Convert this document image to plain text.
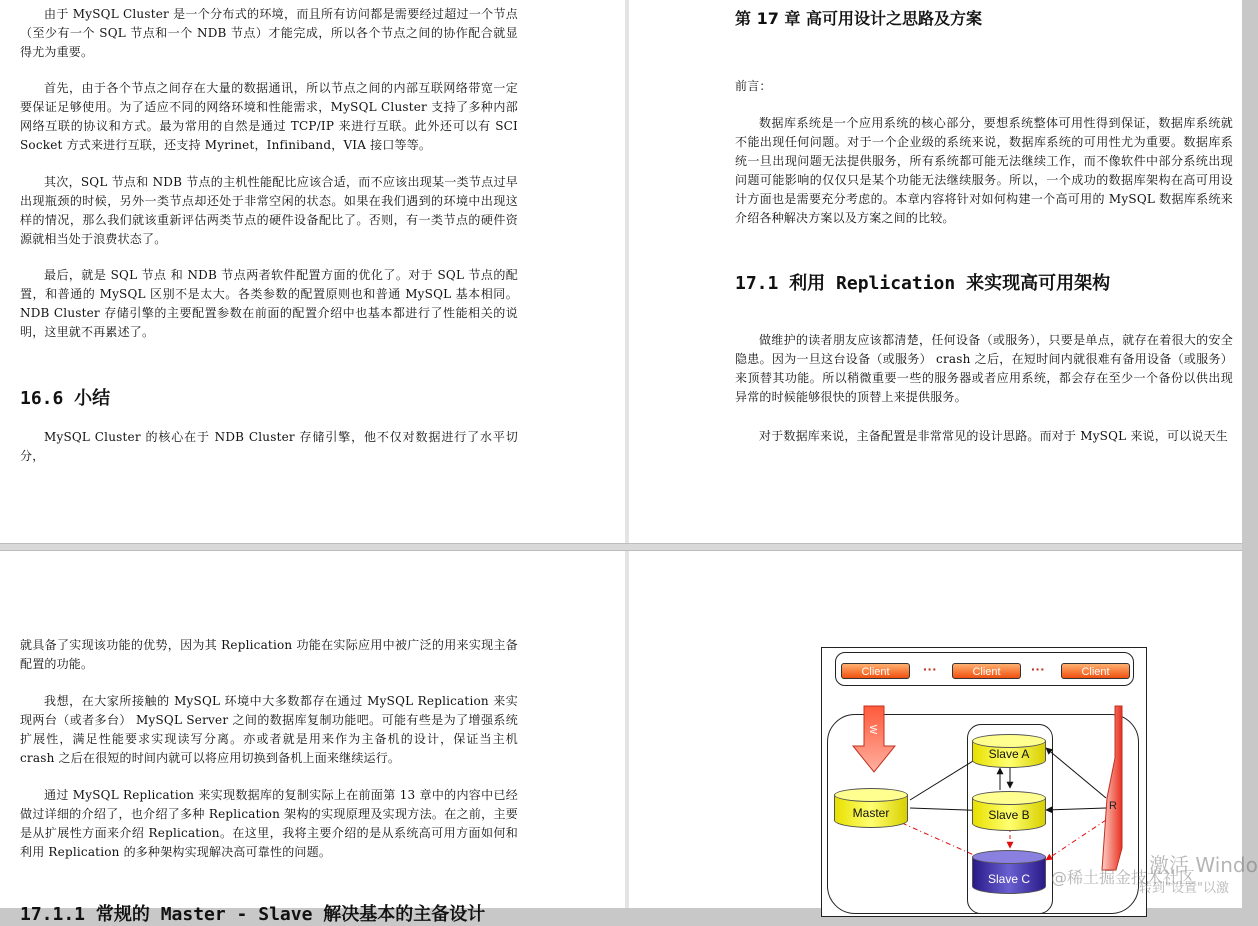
由于 MySQL Cluster 是一个分布式的环境，而且所有访问都是需要经过超过一个节点（至少有一个 SQL 节点和一个 NDB 节点）才能完成，所以各个节点之间的协作配合就显得尤为重要。
首先，由于各个节点之间存在大量的数据通讯，所以节点之间的内部互联网络带宽一定要保证足够使用。为了适应不同的网络环境和性能需求，MySQL Cluster 支持了多种内部网络互联的协议和方式。最为常用的自然是通过 TCP/IP 来进行互联。此外还可以有 SCI Socket 方式来进行互联，还支持 Myrinet，Infiniband，VIA 接口等等。
其次，SQL 节点和 NDB 节点的主机性能配比应该合适，而不应该出现某一类节点过早出现瓶颈的时候，另外一类节点却还处于非常空闲的状态。如果在我们遇到的环境中出现这样的情况，那么我们就该重新评估两类节点的硬件设备配比了。否则，有一类节点的硬件资源就相当处于浪费状态了。
最后，就是 SQL 节点 和 NDB 节点两者软件配置方面的优化了。对于 SQL 节点的配置，和普通的 MySQL 区别不是太大。各类参数的配置原则也和普通 MySQL 基本相同。NDB Cluster 存储引擎的主要配置参数在前面的配置介绍中也基本都进行了性能相关的说明，这里就不再累述了。
16.6 小结
MySQL Cluster 的核心在于 NDB Cluster 存储引擎，他不仅对数据进行了水平切分，
第 17 章 高可用设计之思路及方案
前言：
数据库系统是一个应用系统的核心部分，要想系统整体可用性得到保证，数据库系统就不能出现任何问题。对于一个企业级的系统来说，数据库系统的可用性尤为重要。数据库系统一旦出现问题无法提供服务，所有系统都可能无法继续工作，而不像软件中部分系统出现问题可能影响的仅仅只是某个功能无法继续服务。所以，一个成功的数据库架构在高可用设计方面也是需要充分考虑的。本章内容将针对如何构建一个高可用的 MySQL 数据库系统来介绍各种解决方案以及方案之间的比较。
17.1 利用 Replication 来实现高可用架构
做维护的读者朋友应该都清楚，任何设备（或服务），只要是单点，就存在着很大的安全隐患。因为一旦这台设备（或服务） crash 之后，在短时间内就很难有备用设备（或服务）来顶替其功能。所以稍微重要一些的服务器或者应用系统，都会存在至少一个备份以供出现异常的时候能够很快的顶替上来提供服务。
对于数据库来说，主备配置是非常常见的设计思路。而对于 MySQL 来说，可以说天生
就具备了实现该功能的优势，因为其 Replication 功能在实际应用中被广泛的用来实现主备配置的功能。
我想，在大家所接触的 MySQL 环境中大多数都存在通过 MySQL Replication 来实现两台（或者多台） MySQL Server 之间的数据库复制功能吧。可能有些是为了增强系统扩展性，满足性能要求实现读写分离。亦或者就是用来作为主备机的设计，保证当主机 crash 之后在很短的时间内就可以将应用切换到备机上面来继续运行。
通过 MySQL Replication 来实现数据库的复制实际上在前面第 13 章中的内容中已经做过详细的介绍了，也介绍了多种 Replication 架构的实现原理及实现方法。在之前，主要是从扩展性方面来介绍 Replication。在这里，我将主要介绍的是从系统高可用方面如何和利用 Replication 的多种架构实现解决高可靠性的问题。
17.1.1 常规的 Master - Slave 解决基本的主备设计
Client	···	Client	···	Client
W
R
Master
Slave A
Slave B
Slave C	@稀土掘金技术社区
激活 Windo
转到"设置"以激
